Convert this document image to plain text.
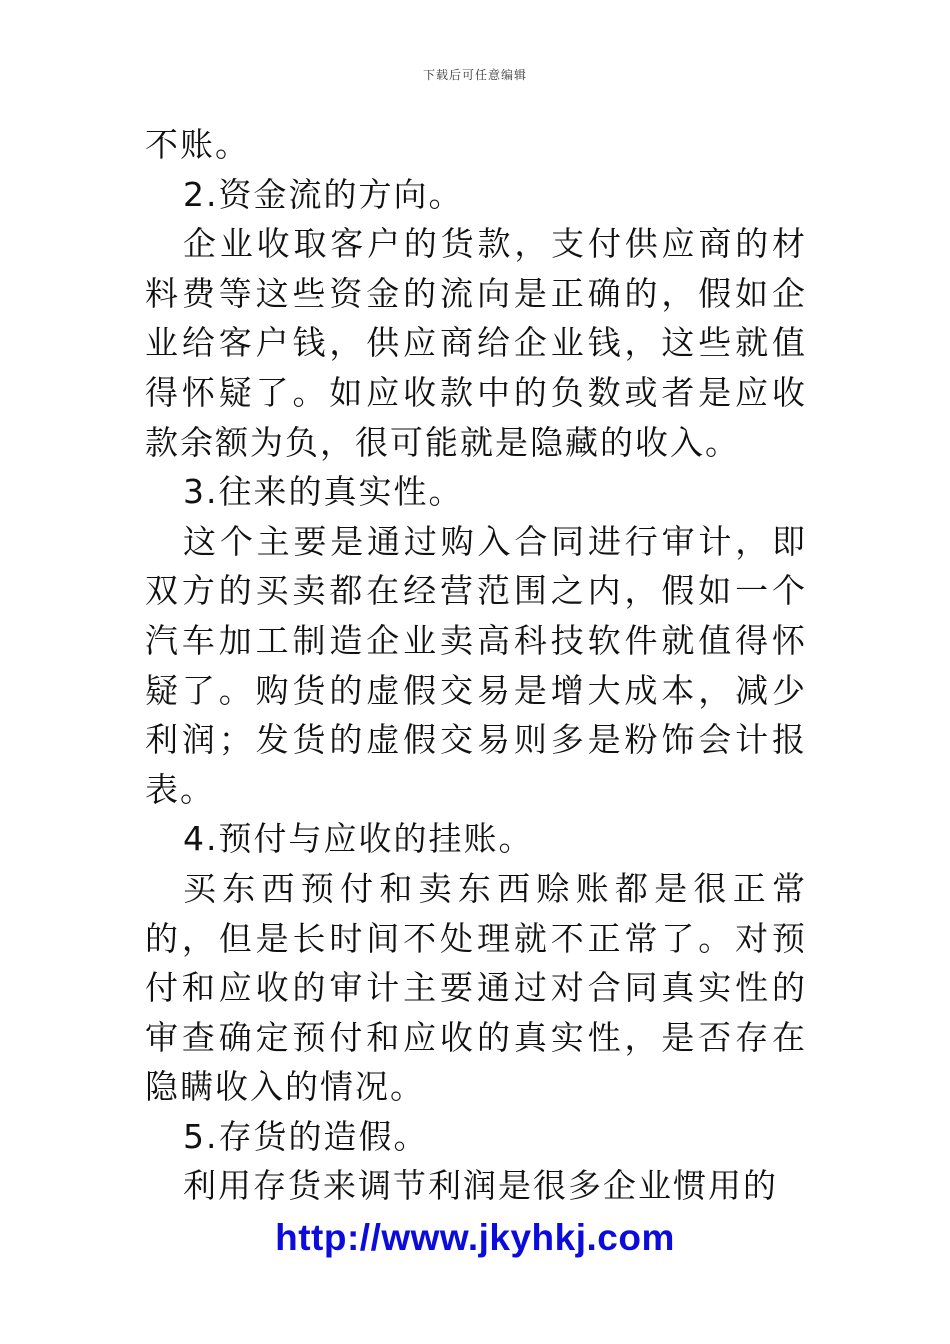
下载后可任意编辑

不账。

2.资金流的方向。

企业收取客户的货款，支付供应商的材料费等这些资金的流向是正确的，假如企业给客户钱，供应商给企业钱，这些就值得怀疑了。如应收款中的负数或者是应收款余额为负，很可能就是隐藏的收入。

3.往来的真实性。

这个主要是通过购入合同进行审计，即双方的买卖都在经营范围之内，假如一个汽车加工制造企业卖高科技软件就值得怀疑了。购货的虚假交易是增大成本，减少利润；发货的虚假交易则多是粉饰会计报表。

4.预付与应收的挂账。

买东西预付和卖东西赊账都是很正常的，但是长时间不处理就不正常了。对预付和应收的审计主要通过对合同真实性的审查确定预付和应收的真实性，是否存在隐瞒收入的情况。

5.存货的造假。

利用存货来调节利润是很多企业惯用的

http://www.jkyhkj.com
